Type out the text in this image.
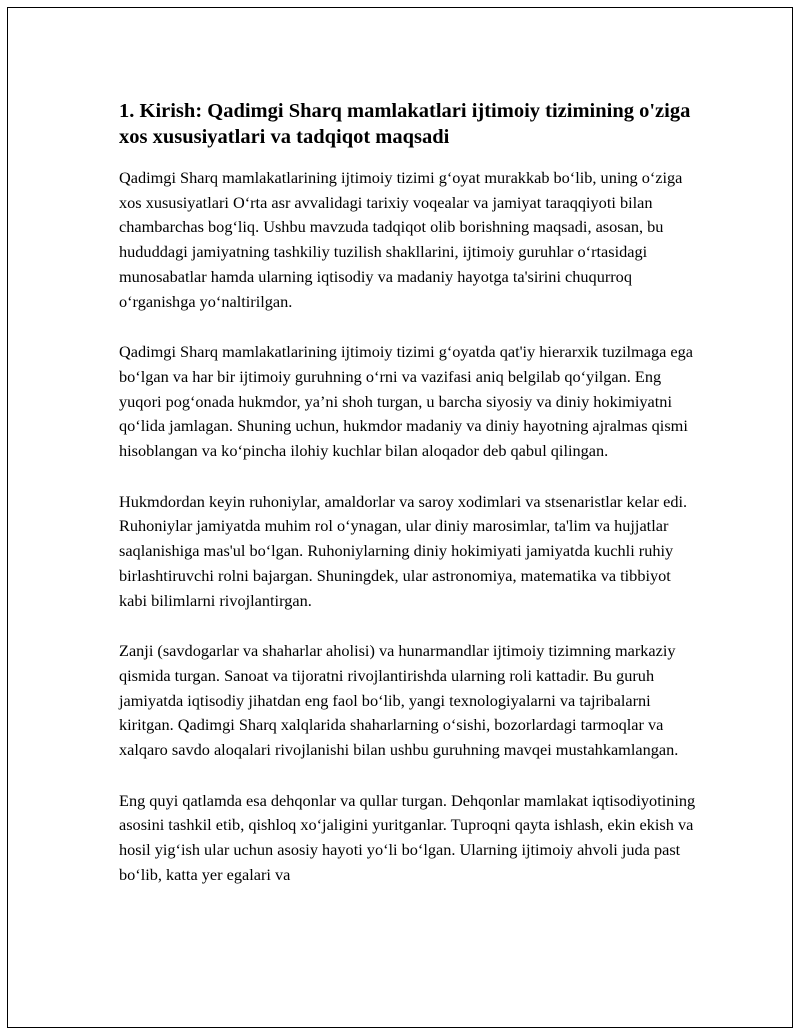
1. Kirish: Qadimgi Sharq mamlakatlari ijtimoiy tizimining o'ziga xos xususiyatlari va tadqiqot maqsadi

Qadimgi Sharq mamlakatlarining ijtimoiy tizimi g‘oyat murakkab bo‘lib, uning o‘ziga xos xususiyatlari O‘rta asr avvalidagi tarixiy voqealar va jamiyat taraqqiyoti bilan chambarchas bog‘liq. Ushbu mavzuda tadqiqot olib borishning maqsadi, asosan, bu hududdagi jamiyatning tashkiliy tuzilish shakllarini, ijtimoiy guruhlar o‘rtasidagi munosabatlar hamda ularning iqtisodiy va madaniy hayotga ta'sirini chuqurroq o‘rganishga yo‘naltirilgan.

Qadimgi Sharq mamlakatlarining ijtimoiy tizimi g‘oyatda qat'iy hierarxik tuzilmaga ega bo‘lgan va har bir ijtimoiy guruhning o‘rni va vazifasi aniq belgilab qo‘yilgan. Eng yuqori pog‘onada hukmdor, ya’ni shoh turgan, u barcha siyosiy va diniy hokimiyatni qo‘lida jamlagan. Shuning uchun, hukmdor madaniy va diniy hayotning ajralmas qismi hisoblangan va ko‘pincha ilohiy kuchlar bilan aloqador deb qabul qilingan.

Hukmdordan keyin ruhoniylar, amaldorlar va saroy xodimlari va stsenaristlar kelar edi. Ruhoniylar jamiyatda muhim rol o‘ynagan, ular diniy marosimlar, ta'lim va hujjatlar saqlanishiga mas'ul bo‘lgan. Ruhoniylarning diniy hokimiyati jamiyatda kuchli ruhiy birlashtiruvchi rolni bajargan. Shuningdek, ular astronomiya, matematika va tibbiyot kabi bilimlarni rivojlantirgan.

Zanji (savdogarlar va shaharlar aholisi) va hunarmandlar ijtimoiy tizimning markaziy qismida turgan. Sanoat va tijoratni rivojlantirishda ularning roli kattadir. Bu guruh jamiyatda iqtisodiy jihatdan eng faol bo‘lib, yangi texnologiyalarni va tajribalarni kiritgan. Qadimgi Sharq xalqlarida shaharlarning o‘sishi, bozorlardagi tarmoqlar va xalqaro savdo aloqalari rivojlanishi bilan ushbu guruhning mavqei mustahkamlangan.

Eng quyi qatlamda esa dehqonlar va qullar turgan. Dehqonlar mamlakat iqtisodiyotining asosini tashkil etib, qishloq xo‘jaligini yuritganlar. Tuproqni qayta ishlash, ekin ekish va hosil yig‘ish ular uchun asosiy hayoti yo‘li bo‘lgan. Ularning ijtimoiy ahvoli juda past bo‘lib, katta yer egalari va
